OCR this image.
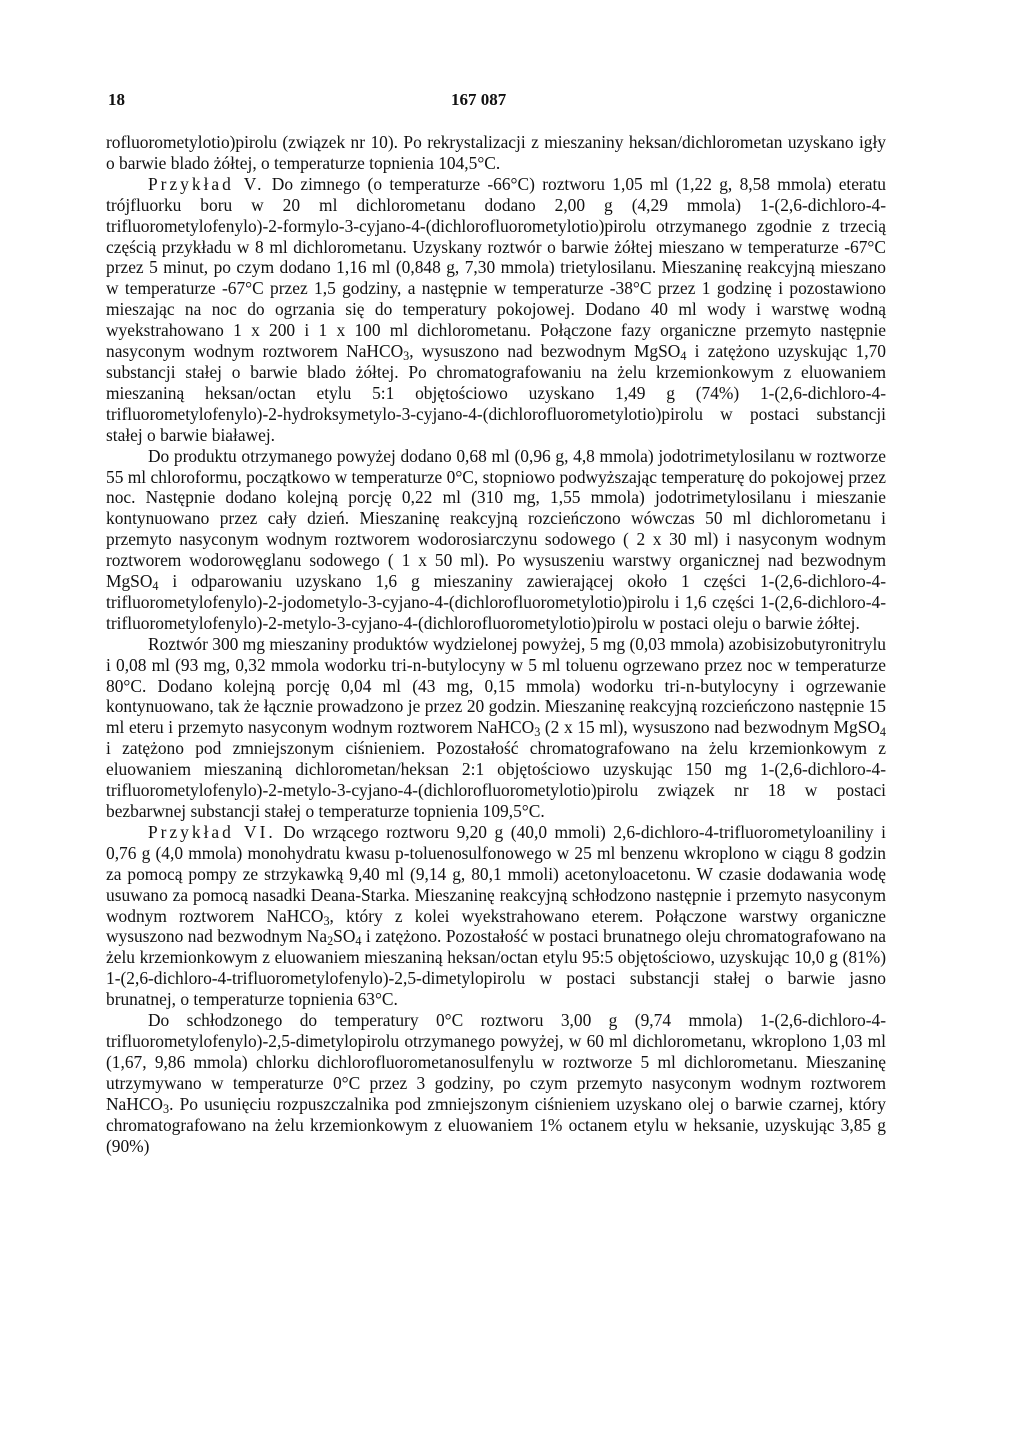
18	167 087

rofluorometylotio)pirolu (związek nr 10). Po rekrystalizacji z mieszaniny heksan/dichlorometan uzyskano igły o barwie blado żółtej, o temperaturze topnienia 104,5°C.

Przykład V. Do zimnego (o temperaturze -66°C) roztworu 1,05 ml (1,22 g, 8,58 mmola) eteratu trójfluorku boru w 20 ml dichlorometanu dodano 2,00 g (4,29 mmola) 1-(2,6-dichloro-4-trifluorometylofenylo)-2-formylo-3-cyjano-4-(dichlorofluorometylotio)pirolu otrzymanego zgodnie z trzecią częścią przykładu w 8 ml dichlorometanu. Uzyskany roztwór o barwie żółtej mieszano w temperaturze -67°C przez 5 minut, po czym dodano 1,16 ml (0,848 g, 7,30 mmola) trietylosilanu. Mieszaninę reakcyjną mieszano w temperaturze -67°C przez 1,5 godziny, a następnie w temperaturze -38°C przez 1 godzinę i pozostawiono mieszając na noc do ogrzania się do temperatury pokojowej. Dodano 40 ml wody i warstwę wodną wyekstrahowano 1 x 200 i 1 x 100 ml dichlorometanu. Połączone fazy organiczne przemyto następnie nasyconym wodnym roztworem NaHCO$_3$, wysuszono nad bezwodnym MgSO$_4$ i zatężono uzyskując 1,70 substancji stałej o barwie blado żółtej. Po chromatografowaniu na żelu krzemionkowym z eluowaniem mieszaniną heksan/octan etylu 5:1 objętościowo uzyskano 1,49 g (74%) 1-(2,6-dichloro-4-trifluorometylofenylo)-2-hydroksymetylo-3-cyjano-4-(dichlorofluorometylotio)pirolu w postaci substancji stałej o barwie białawej.

Do produktu otrzymanego powyżej dodano 0,68 ml (0,96 g, 4,8 mmola) jodotrimetylosilanu w roztworze 55 ml chloroformu, początkowo w temperaturze 0°C, stopniowo podwyższając temperaturę do pokojowej przez noc. Następnie dodano kolejną porcję 0,22 ml (310 mg, 1,55 mmola) jodotrimetylosilanu i mieszanie kontynuowano przez cały dzień. Mieszaninę reakcyjną rozcieńczono wówczas 50 ml dichlorometanu i przemyto nasyconym wodnym roztworem wodorosiarczynu sodowego ( 2 x 30 ml) i nasyconym wodnym roztworem wodorowęglanu sodowego ( 1 x 50 ml). Po wysuszeniu warstwy organicznej nad bezwodnym MgSO$_4$ i odparowaniu uzyskano 1,6 g mieszaniny zawierającej około 1 części 1-(2,6-dichloro-4-trifluorometylofenylo)-2-jodometylo-3-cyjano-4-(dichlorofluorometylotio)pirolu i 1,6 części 1-(2,6-dichloro-4-trifluorometylofenylo)-2-metylo-3-cyjano-4-(dichlorofluorometylotio)pirolu w postaci oleju o barwie żółtej.

Roztwór 300 mg mieszaniny produktów wydzielonej powyżej, 5 mg (0,03 mmola) azobisizobutyronitrylu i 0,08 ml (93 mg, 0,32 mmola wodorku tri-n-butylocyny w 5 ml toluenu ogrzewano przez noc w temperaturze 80°C. Dodano kolejną porcję 0,04 ml (43 mg, 0,15 mmola) wodorku tri-n-butylocyny i ogrzewanie kontynuowano, tak że łącznie prowadzono je przez 20 godzin. Mieszaninę reakcyjną rozcieńczono następnie 15 ml eteru i przemyto nasyconym wodnym roztworem NaHCO$_3$ (2 x 15 ml), wysuszono nad bezwodnym MgSO$_4$ i zatężono pod zmniejszonym ciśnieniem. Pozostałość chromatografowano na żelu krzemionkowym z eluowaniem mieszaniną dichlorometan/heksan 2:1 objętościowo uzyskując 150 mg 1-(2,6-dichloro-4-trifluorometylofenylo)-2-metylo-3-cyjano-4-(dichlorofluorometylotio)pirolu związek nr 18 w postaci bezbarwnej substancji stałej o temperaturze topnienia 109,5°C.

Przykład VI. Do wrzącego roztworu 9,20 g (40,0 mmoli) 2,6-dichloro-4-trifluorometyloaniliny i 0,76 g (4,0 mmola) monohydratu kwasu p-toluenosulfonowego w 25 ml benzenu wkroplono w ciągu 8 godzin za pomocą pompy ze strzykawką 9,40 ml (9,14 g, 80,1 mmoli) acetonyloacetonu. W czasie dodawania wodę usuwano za pomocą nasadki Deana-Starka. Mieszaninę reakcyjną schłodzono następnie i przemyto nasyconym wodnym roztworem NaHCO$_3$, który z kolei wyekstrahowano eterem. Połączone warstwy organiczne wysuszono nad bezwodnym $Na_2SO_4$ i zatężono. Pozostałość w postaci brunatnego oleju chromatografowano na żelu krzemionkowym z eluowaniem mieszaniną heksan/octan etylu 95:5 objętościowo, uzyskując 10,0 g (81%) 1-(2,6-dichloro-4-trifluorometylofenylo)-2,5-dimetylopirolu w postaci substancji stałej o barwie jasno brunatnej, o temperaturze topnienia 63°C.

Do schłodzonego do temperatury 0°C roztworu 3,00 g (9,74 mmola) 1-(2,6-dichloro-4-trifluorometylofenylo)-2,5-dimetylopirolu otrzymanego powyżej, w 60 ml dichlorometanu, wkroplono 1,03 ml (1,67, 9,86 mmola) chlorku dichlorofluorometanosulfenylu w roztworze 5 ml dichlorometanu. Mieszaninę utrzymywano w temperaturze 0°C przez 3 godziny, po czym przemyto nasyconym wodnym roztworem NaHCO$_3$. Po usunięciu rozpuszczalnika pod zmniejszonym ciśnieniem uzyskano olej o barwie czarnej, który chromatografowano na żelu krzemionkowym z eluowaniem 1% octanem etylu w heksanie, uzyskując 3,85 g (90%)
